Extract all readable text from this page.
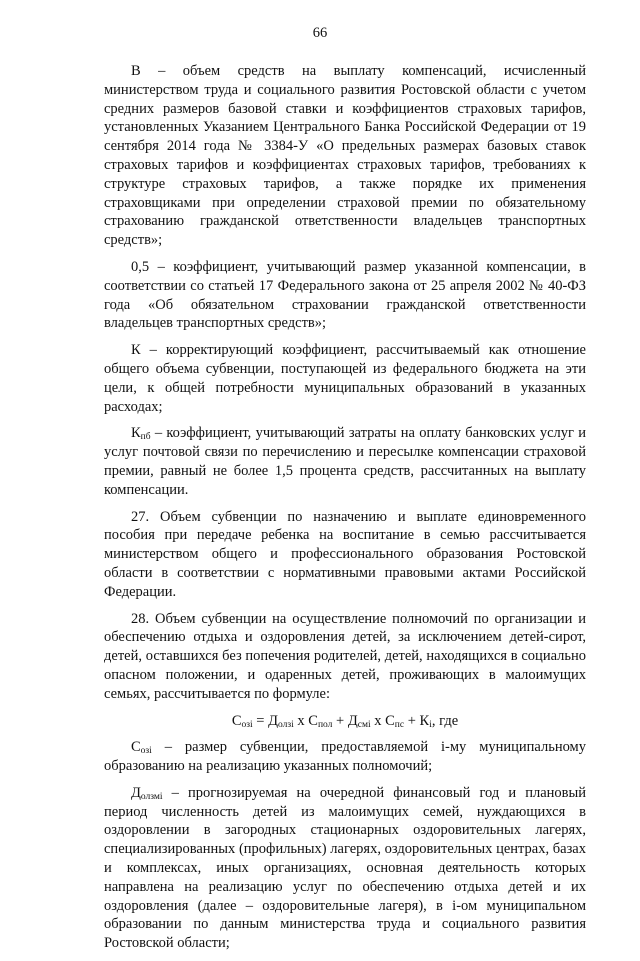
66

В – объем средств на выплату компенсаций, исчисленный министерством труда и социального развития Ростовской области с учетом средних размеров базовой ставки и коэффициентов страховых тарифов, установленных Указанием Центрального Банка Российской Федерации от 19 сентября 2014 года № 3384-У «О предельных размерах базовых ставок страховых тарифов и коэффициентах страховых тарифов, требованиях к структуре страховых тарифов, а также порядке их применения страховщиками при определении страховой премии по обязательному страхованию гражданской ответственности владельцев транспортных средств»;

0,5 – коэффициент, учитывающий размер указанной компенсации, в соответствии со статьей 17 Федерального закона от 25 апреля 2002 № 40-ФЗ года «Об обязательном страховании гражданской ответственности владельцев транспортных средств»;

К – корректирующий коэффициент, рассчитываемый как отношение общего объема субвенции, поступающей из федерального бюджета на эти цели, к общей потребности муниципальных образований в указанных расходах;

$К_{пб}$ – коэффициент, учитывающий затраты на оплату банковских услуг и услуг почтовой связи по перечислению и пересылке компенсации страховой премии, равный не более 1,5 процента средств, рассчитанных на выплату компенсации.

27. Объем субвенции по назначению и выплате единовременного пособия при передаче ребенка на воспитание в семью рассчитывается министерством общего и профессионального образования Ростовской области в соответствии с нормативными правовыми актами Российской Федерации.

28. Объем субвенции на осуществление полномочий по организации и обеспечению отдыха и оздоровления детей, за исключением детей-сирот, детей, оставшихся без попечения родителей, детей, находящихся в социально опасном положении, и одаренных детей, проживающих в малоимущих семьях, рассчитывается по формуле:

$С_{озi} = Д_{олзi}$ х $С_{пол} + Д_{смi}$ х $С_{пс} + К_i$, где

$С_{озi}$ – размер субвенции, предоставляемой i-му муниципальному образованию на реализацию указанных полномочий;

$Д_{олзмi}$ – прогнозируемая на очередной финансовый год и плановый период численность детей из малоимущих семей, нуждающихся в оздоровлении в загородных стационарных оздоровительных лагерях, специализированных (профильных) лагерях, оздоровительных центрах, базах и комплексах, иных организациях, основная деятельность которых направлена на реализацию услуг по обеспечению отдыха детей и их оздоровления (далее – оздоровительные лагеря), в i-ом муниципальном образовании по данным министерства труда и социального развития Ростовской области;
